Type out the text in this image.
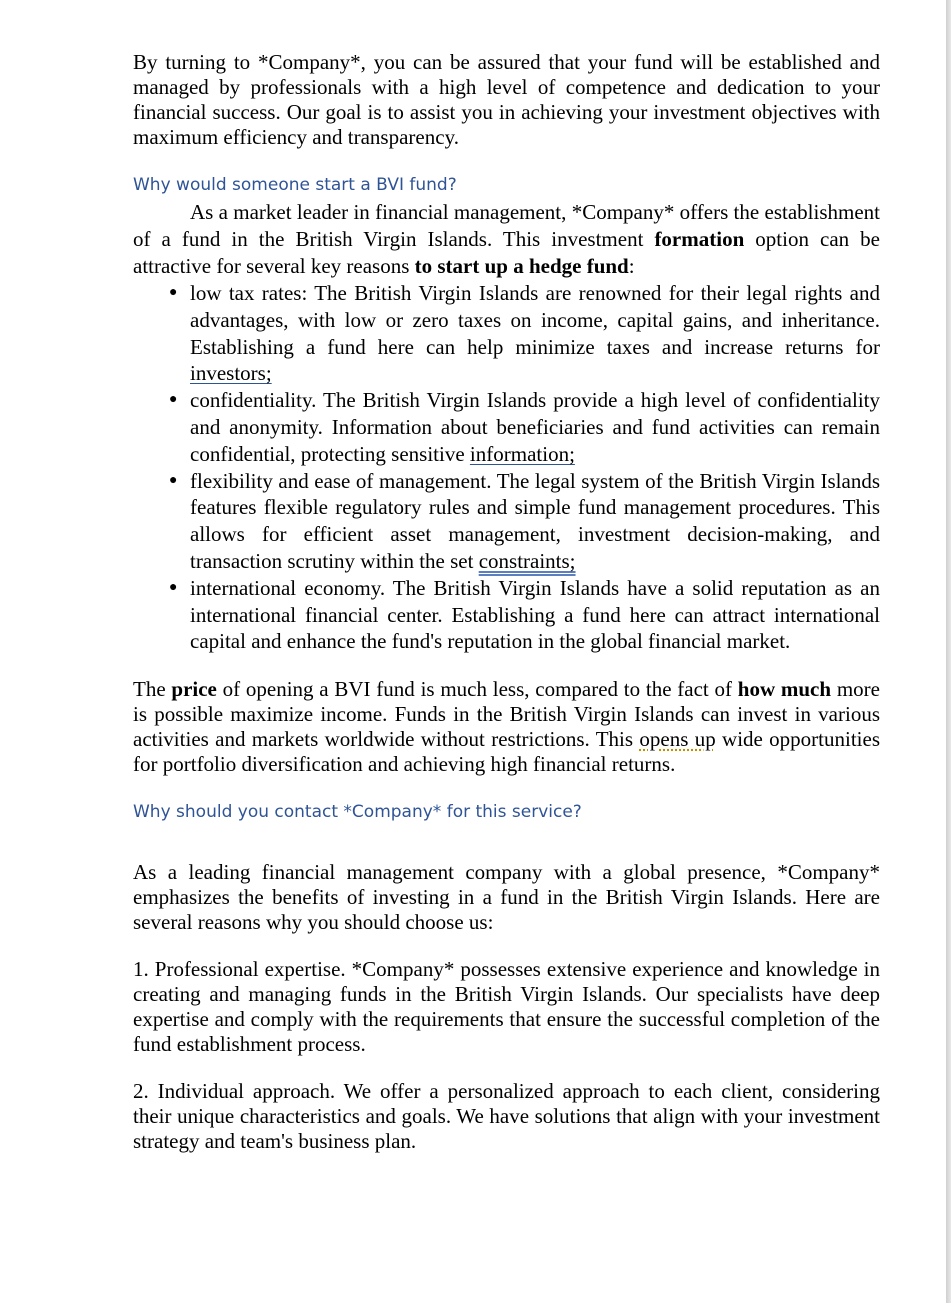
By turning to *Company*, you can be assured that your fund will be established and managed by professionals with a high level of competence and dedication to your financial success. Our goal is to assist you in achieving your investment objectives with maximum efficiency and transparency.

Why would someone start a BVI fund?

As a market leader in financial management, *Company* offers the establishment of a fund in the British Virgin Islands. This investment formation option can be attractive for several key reasons to start up a hedge fund:

● low tax rates: The British Virgin Islands are renowned for their legal rights and advantages, with low or zero taxes on income, capital gains, and inheritance. Establishing a fund here can help minimize taxes and increase returns for investors;
● confidentiality. The British Virgin Islands provide a high level of confidentiality and anonymity. Information about beneficiaries and fund activities can remain confidential, protecting sensitive information;
● flexibility and ease of management. The legal system of the British Virgin Islands features flexible regulatory rules and simple fund management procedures. This allows for efficient asset management, investment decision-making, and transaction scrutiny within the set constraints;
● international economy. The British Virgin Islands have a solid reputation as an international financial center. Establishing a fund here can attract international capital and enhance the fund's reputation in the global financial market.

The price of opening a BVI fund is much less, compared to the fact of how much more is possible maximize income. Funds in the British Virgin Islands can invest in various activities and markets worldwide without restrictions. This opens up wide opportunities for portfolio diversification and achieving high financial returns.

Why should you contact *Company* for this service?

As a leading financial management company with a global presence, *Company* emphasizes the benefits of investing in a fund in the British Virgin Islands. Here are several reasons why you should choose us:

1. Professional expertise. *Company* possesses extensive experience and knowledge in creating and managing funds in the British Virgin Islands. Our specialists have deep expertise and comply with the requirements that ensure the successful completion of the fund establishment process.

2. Individual approach. We offer a personalized approach to each client, considering their unique characteristics and goals. We have solutions that align with your investment strategy and team's business plan.
